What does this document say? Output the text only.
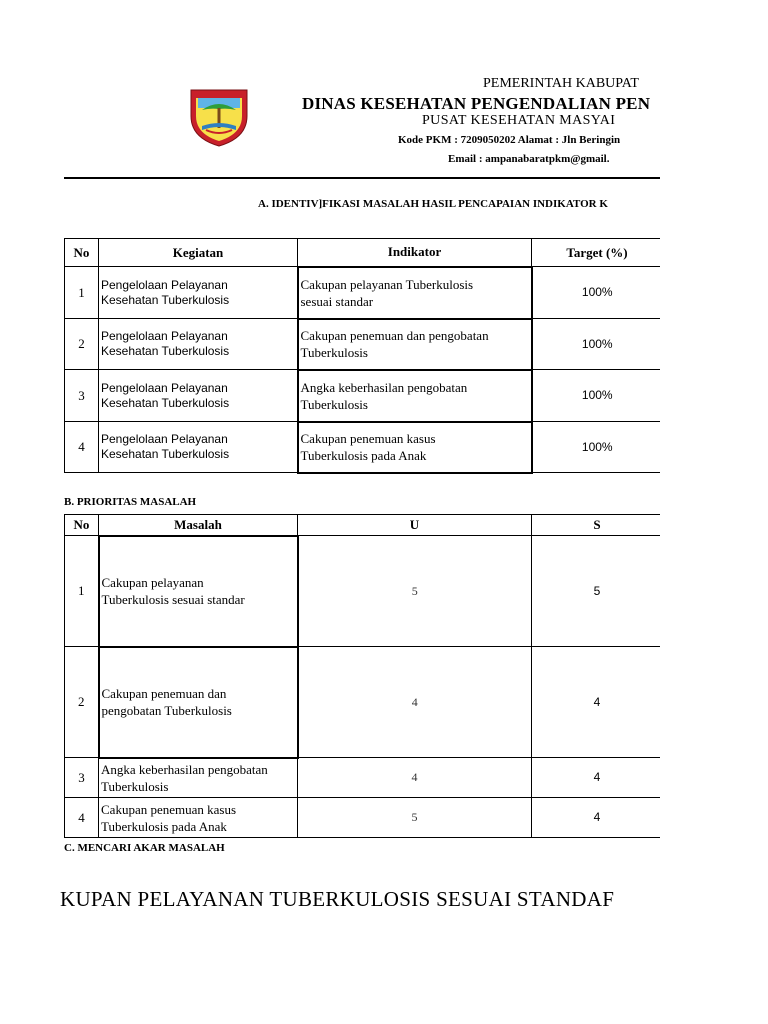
PEMERINTAH KABUPAT
DINAS KESEHATAN PENGENDALIAN PEN
PUSAT KESEHATAN MASYAI
Kode PKM : 7209050202 Alamat : Jln Beringin
Email : ampanabaratpkm@gmail.
A. IDENTIV]FIKASI MASALAH HASIL PENCAPAIAN INDIKATOR K
No	Kegiatan	Indikator	Target (%)
1	Pengelolaan Pelayanan
Kesehatan Tuberkulosis	Cakupan pelayanan Tuberkulosis
sesuai standar	100%
2	Pengelolaan Pelayanan
Kesehatan Tuberkulosis	Cakupan penemuan dan pengobatan
Tuberkulosis	100%
3	Pengelolaan Pelayanan
Kesehatan Tuberkulosis	Angka keberhasilan pengobatan
Tuberkulosis	100%
4	Pengelolaan Pelayanan
Kesehatan Tuberkulosis	Cakupan penemuan kasus
Tuberkulosis pada Anak	100%
B. PRIORITAS MASALAH
No	Masalah	U	S
1	Cakupan pelayanan
Tuberkulosis sesuai standar	5	5
2	Cakupan penemuan dan
pengobatan Tuberkulosis	4	4
3	Angka keberhasilan pengobatan
Tuberkulosis	4	4
4	Cakupan penemuan kasus
Tuberkulosis pada Anak	5	4
C. MENCARI AKAR MASALAH
KUPAN PELAYANAN TUBERKULOSIS SESUAI STANDAF
